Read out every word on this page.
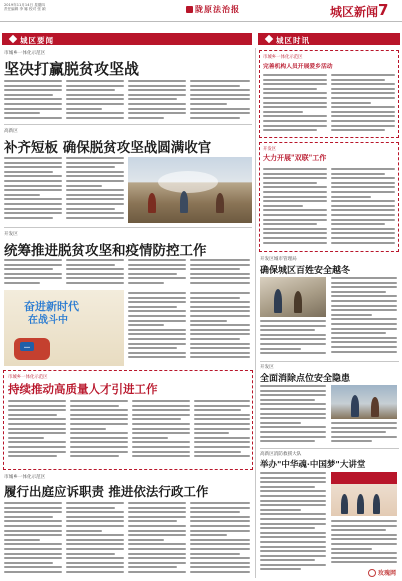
2019年11月14日 星期四
责任编辑 李 娜 校对 张 颖	陇原法治报	城区新闻 7
城区要闻	城区时讯
市城乡一体化示范区
坚决打赢脱贫攻坚战
高新区
补齐短板 确保脱贫攻坚战圆满收官
开发区
统筹推进脱贫攻坚和疫情防控工作
奋进新时代
在战斗中
…
市城乡一体化示范区
持续推动高质量人才引进工作
市城乡一体化示范区
履行出庭应诉职责 推进依法行政工作
市城乡一体化示范区
完善机构人员开展爱乡活动
开发区
大力开展"双联"工作
开发区城市管理局
确保城区百姓安全越冬
开发区
全面消除点位安全隐患
高新区消防救援大队
举办"中华魂·中国梦"大讲堂
玫瑰网
